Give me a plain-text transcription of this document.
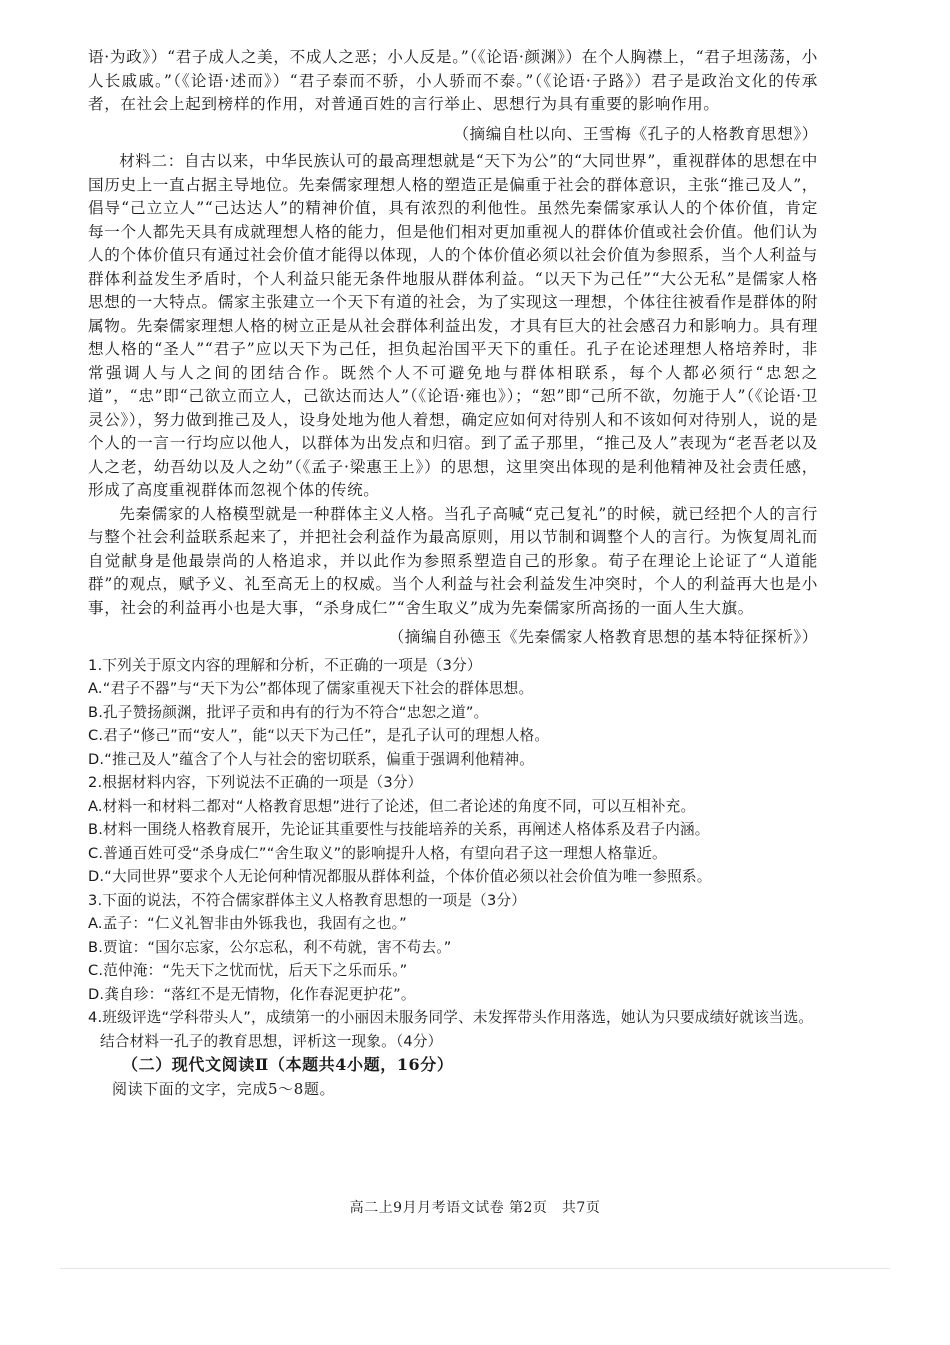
语·为政》）“君子成人之美，不成人之恶；小人反是。”（《论语·颜渊》）在个人胸襟上，“君子坦荡荡，小人长戚戚。”（《论语·述而》）“君子泰而不骄，小人骄而不泰。”（《论语·子路》）君子是政治文化的传承者，在社会上起到榜样的作用，对普通百姓的言行举止、思想行为具有重要的影响作用。

（摘编自杜以向、王雪梅《孔子的人格教育思想》）

材料二：自古以来，中华民族认可的最高理想就是“天下为公”的“大同世界”，重视群体的思想在中国历史上一直占据主导地位。先秦儒家理想人格的塑造正是偏重于社会的群体意识，主张“推己及人”，倡导“己立立人”“己达达人”的精神价值，具有浓烈的利他性。虽然先秦儒家承认人的个体价值，肯定每一个人都先天具有成就理想人格的能力，但是他们相对更加重视人的群体价值或社会价值。他们认为人的个体价值只有通过社会价值才能得以体现，人的个体价值必须以社会价值为参照系，当个人利益与群体利益发生矛盾时，个人利益只能无条件地服从群体利益。“以天下为己任”“大公无私”是儒家人格思想的一大特点。儒家主张建立一个天下有道的社会，为了实现这一理想，个体往往被看作是群体的附属物。先秦儒家理想人格的树立正是从社会群体利益出发，才具有巨大的社会感召力和影响力。具有理想人格的“圣人”“君子”应以天下为己任，担负起治国平天下的重任。孔子在论述理想人格培养时，非常强调人与人之间的团结合作。既然个人不可避免地与群体相联系，每个人都必须行“忠恕之道”，“忠”即“己欲立而立人，己欲达而达人”（《论语·雍也》）；“恕”即“己所不欲，勿施于人”（《论语·卫灵公》），努力做到推己及人，设身处地为他人着想，确定应如何对待别人和不该如何对待别人，说的是个人的一言一行均应以他人，以群体为出发点和归宿。到了孟子那里，“推己及人”表现为“老吾老以及人之老，幼吾幼以及人之幼”（《孟子·梁惠王上》）的思想，这里突出体现的是利他精神及社会责任感，形成了高度重视群体而忽视个体的传统。

先秦儒家的人格模型就是一种群体主义人格。当孔子高喊“克己复礼”的时候，就已经把个人的言行与整个社会利益联系起来了，并把社会利益作为最高原则，用以节制和调整个人的言行。为恢复周礼而自觉献身是他最崇尚的人格追求，并以此作为参照系塑造自己的形象。荀子在理论上论证了“人道能群”的观点，赋予义、礼至高无上的权威。当个人利益与社会利益发生冲突时，个人的利益再大也是小事，社会的利益再小也是大事，“杀身成仁”“舍生取义”成为先秦儒家所高扬的一面人生大旗。

（摘编自孙德玉《先秦儒家人格教育思想的基本特征探析》）

1.下列关于原文内容的理解和分析，不正确的一项是（3分）

A.“君子不器”与“天下为公”都体现了儒家重视天下社会的群体思想。

B.孔子赞扬颜渊，批评子贡和冉有的行为不符合“忠恕之道”。

C.君子“修己”而“安人”，能“以天下为己任”，是孔子认可的理想人格。

D.“推己及人”蕴含了个人与社会的密切联系，偏重于强调利他精神。

2.根据材料内容，下列说法不正确的一项是（3分）

A.材料一和材料二都对“人格教育思想”进行了论述，但二者论述的角度不同，可以互相补充。

B.材料一围绕人格教育展开，先论证其重要性与技能培养的关系，再阐述人格体系及君子内涵。

C.普通百姓可受“杀身成仁”“舍生取义”的影响提升人格，有望向君子这一理想人格靠近。

D.“大同世界”要求个人无论何种情况都服从群体利益，个体价值必须以社会价值为唯一参照系。

3.下面的说法，不符合儒家群体主义人格教育思想的一项是（3分）

A.孟子：“仁义礼智非由外铄我也，我固有之也。”

B.贾谊：“国尔忘家，公尔忘私，利不苟就，害不苟去。”

C.范仲淹：“先天下之忧而忧，后天下之乐而乐。”

D.龚自珍：“落红不是无情物，化作春泥更护花”。

4.班级评选“学科带头人”，成绩第一的小丽因未服务同学、未发挥带头作用落选，她认为只要成绩好就该当选。结合材料一孔子的教育思想，评析这一现象。（4分）

（二）现代文阅读Ⅱ（本题共4小题，16分）

阅读下面的文字，完成5～8题。

高二上9月月考语文试卷 第2页　共7页
